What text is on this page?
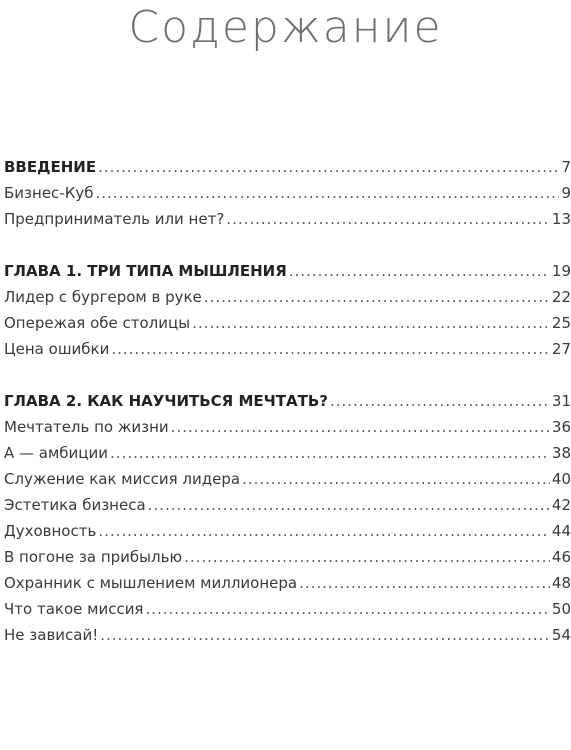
Содержание
ВВЕДЕНИЕ .....	7
Бизнес-Куб .....	9
Предприниматель или нет? .....	13
ГЛАВА 1. ТРИ ТИПА МЫШЛЕНИЯ .....	19
Лидер с бургером в руке .....	22
Опережая обе столицы .....	25
Цена ошибки .....	27
ГЛАВА 2. КАК НАУЧИТЬСЯ МЕЧТАТЬ? .....	31
Мечтатель по жизни .....	36
А — амбиции .....	38
Служение как миссия лидера .....	40
Эстетика бизнеса .....	42
Духовность .....	44
В погоне за прибылью .....	46
Охранник с мышлением миллионера .....	48
Что такое миссия .....	50
Не зависай! .....	54
